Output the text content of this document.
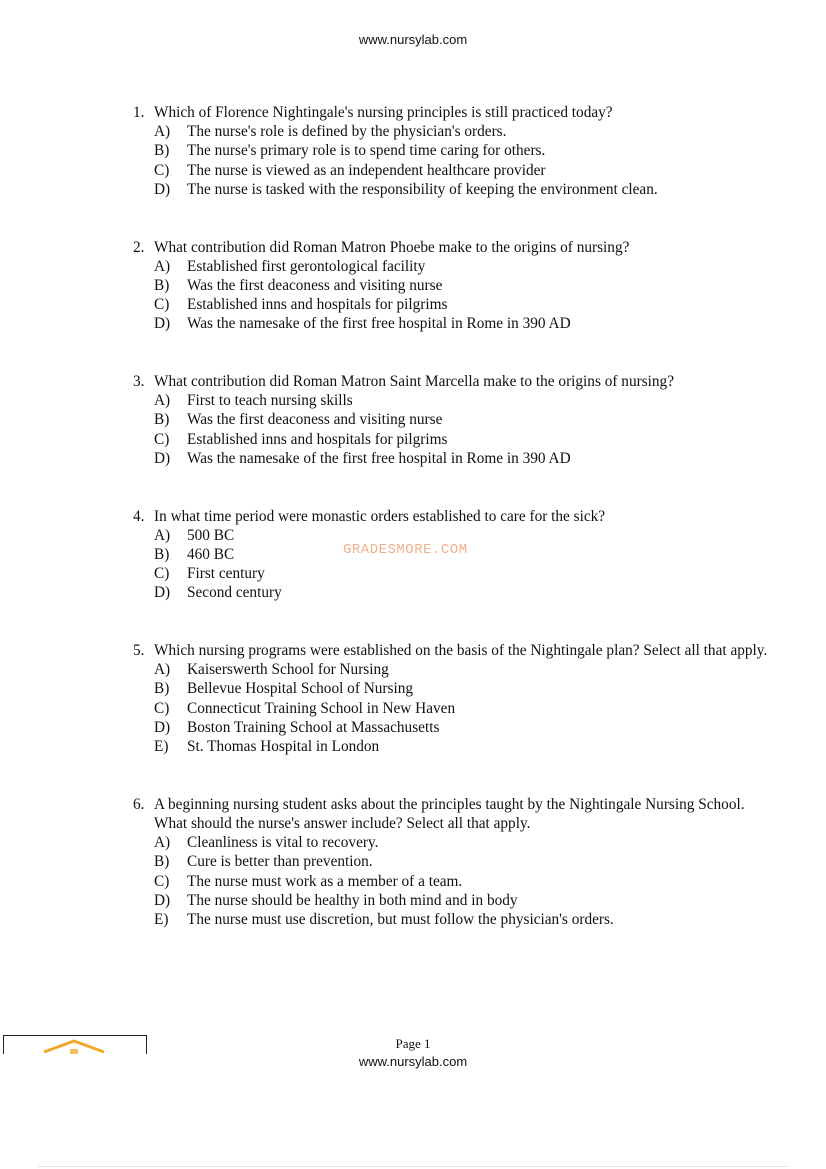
www.nursylab.com
1. Which of Florence Nightingale's nursing principles is still practiced today?
A)	The nurse's role is defined by the physician's orders.
B)	The nurse's primary role is to spend time caring for others.
C)	The nurse is viewed as an independent healthcare provider
D)	The nurse is tasked with the responsibility of keeping the environment clean.
2. What contribution did Roman Matron Phoebe make to the origins of nursing?
A)	Established first gerontological facility
B)	Was the first deaconess and visiting nurse
C)	Established inns and hospitals for pilgrims
D)	Was the namesake of the first free hospital in Rome in 390 AD
3. What contribution did Roman Matron Saint Marcella make to the origins of nursing?
A)	First to teach nursing skills
B)	Was the first deaconess and visiting nurse
C)	Established inns and hospitals for pilgrims
D)	Was the namesake of the first free hospital in Rome in 390 AD
4. In what time period were monastic orders established to care for the sick?
A)	500 BC
B)	460 BC
C)	First century
D)	Second century
5. Which nursing programs were established on the basis of the Nightingale plan? Select all that apply.
A)	Kaiserswerth School for Nursing
B)	Bellevue Hospital School of Nursing
C)	Connecticut Training School in New Haven
D)	Boston Training School at Massachusetts
E)	St. Thomas Hospital in London
6. A beginning nursing student asks about the principles taught by the Nightingale Nursing School. What should the nurse's answer include? Select all that apply.
A)	Cleanliness is vital to recovery.
B)	Cure is better than prevention.
C)	The nurse must work as a member of a team.
D)	The nurse should be healthy in both mind and in body
E)	The nurse must use discretion, but must follow the physician's orders.
GRADESMORE.COM
Page 1
www.nursylab.com
